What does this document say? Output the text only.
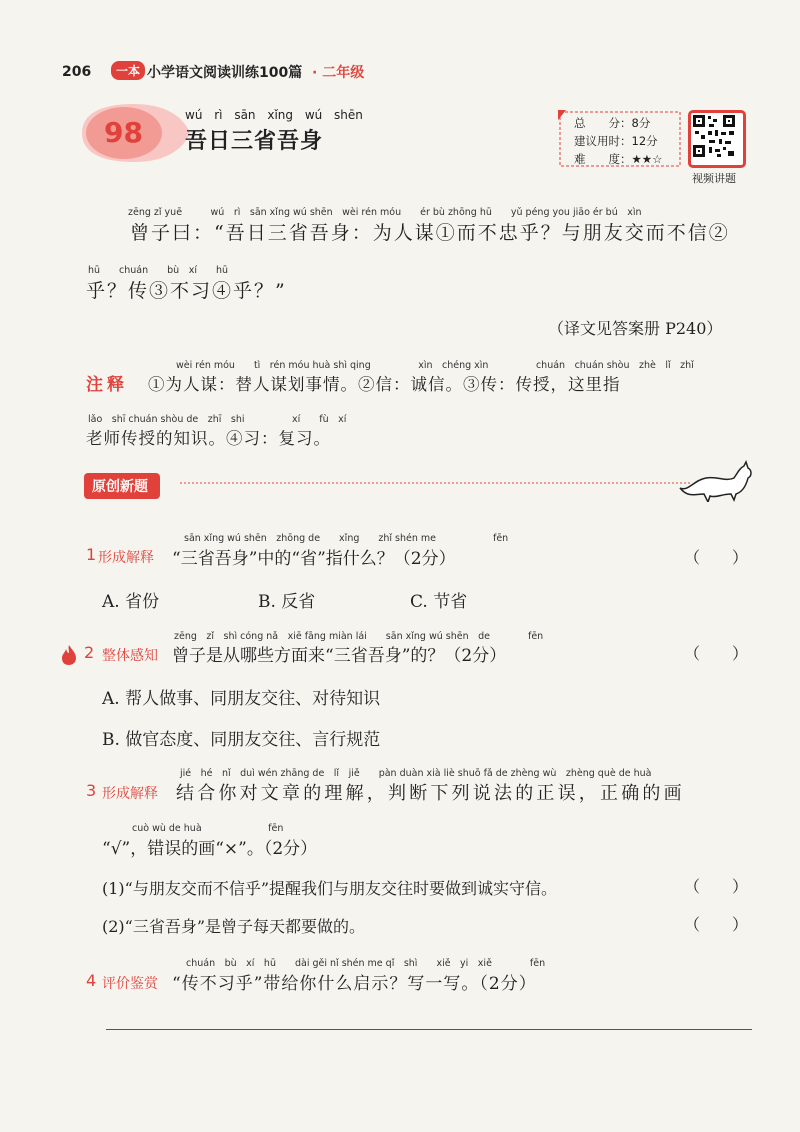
206	一本 小学语文阅读训练100篇 · 二年级
98
wú rì sān xǐng wú shēn
吾日三省吾身
总　　分：8分
建议用时：12分
难　　度：★★☆
视频讲题
zēng zǐ yuē　　　wú　rì　sān xǐng wú shēn　wèi rén móu　　ér bù zhōng hū　　yǔ péng you jiāo ér bú　xìn
曾子曰：“吾日三省吾身：为人谋①而不忠乎？与朋友交而不信②
hū　　chuán　　bù　xí　　hū
乎？传③不习④乎？”
（译文见答案册 P240）
注释
wèi rén móu　　tì　rén móu huà shì qing　　　　　xìn　chéng xìn　　　　　chuán　chuán shòu　zhè　lǐ　zhǐ
①为人谋：替人谋划事情。②信：诚信。③传：传授，这里指
lǎo　shī chuán shòu de　zhī　shi　　　　　xí　　fù　xí
老师传授的知识。④习：复习。
原创新题
sān xǐng wú shēn　zhōng de　　xǐng　　zhǐ shén me　　　　　　fēn
1 形成解释 “三省吾身”中的“省”指什么？（2分）	（　　）
A. 省份	B. 反省	C. 节省
zēng　zǐ　shì cóng nǎ　xiē fāng miàn lái　　sān xǐng wú shēn　de　　　　fēn
2 整体感知 曾子是从哪些方面来“三省吾身”的？（2分）	（　　）
A. 帮人做事、同朋友交往、对待知识
B. 做官态度、同朋友交往、言行规范
jié　hé　nǐ　duì wén zhāng de　lǐ　jiě　　pàn duàn xià liè shuō fǎ de zhèng wù　zhèng què de huà
3 形成解释 结合你对文章的理解，判断下列说法的正误，正确的画
cuò wù de huà　　　　　　　fēn
“√”，错误的画“×”。（2分）
(1)“与朋友交而不信乎”提醒我们与朋友交往时要做到诚实守信。	（　　）
(2)“三省吾身”是曾子每天都要做的。	（　　）
chuán　bù　xí　hū　　dài gěi nǐ shén me qǐ　shì　　xiě　yi　xiě　　　　fēn
4 评价鉴赏 “传不习乎”带给你什么启示？写一写。（2分）
